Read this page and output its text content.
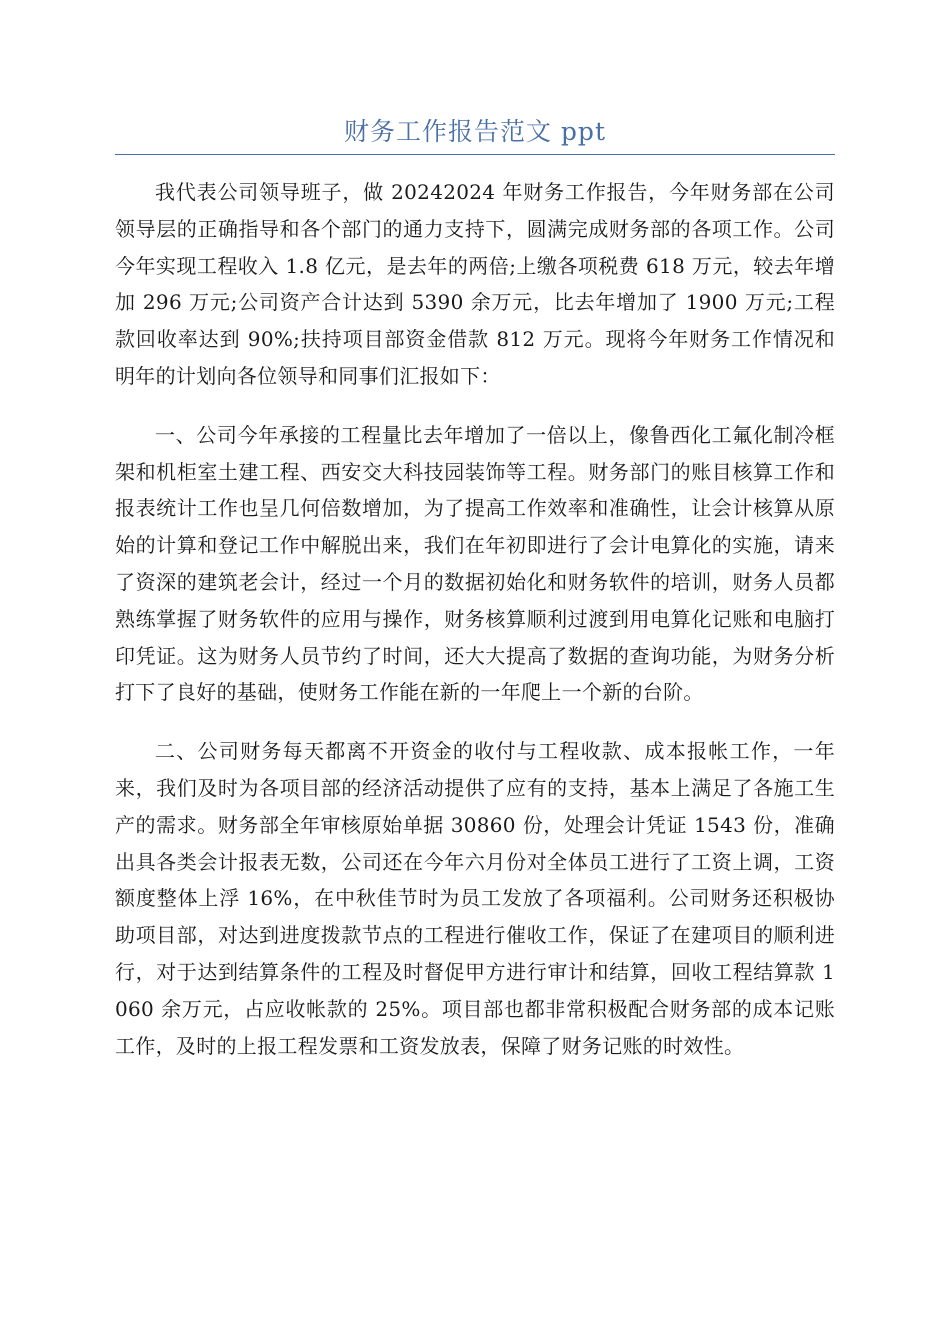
财务工作报告范文 ppt

我代表公司领导班子，做 20242024 年财务工作报告，今年财务部在公司领导层的正确指导和各个部门的通力支持下，圆满完成财务部的各项工作。公司今年实现工程收入 1.8 亿元，是去年的两倍;上缴各项税费 618 万元，较去年增加 296 万元;公司资产合计达到 5390 余万元，比去年增加了 1900 万元;工程款回收率达到 90%;扶持项目部资金借款 812 万元。现将今年财务工作情况和明年的计划向各位领导和同事们汇报如下：

一、公司今年承接的工程量比去年增加了一倍以上，像鲁西化工氟化制冷框架和机柜室土建工程、西安交大科技园装饰等工程。财务部门的账目核算工作和报表统计工作也呈几何倍数增加，为了提高工作效率和准确性，让会计核算从原始的计算和登记工作中解脱出来，我们在年初即进行了会计电算化的实施，请来了资深的建筑老会计，经过一个月的数据初始化和财务软件的培训，财务人员都熟练掌握了财务软件的应用与操作，财务核算顺利过渡到用电算化记账和电脑打印凭证。这为财务人员节约了时间，还大大提高了数据的查询功能，为财务分析打下了良好的基础，使财务工作能在新的一年爬上一个新的台阶。

二、公司财务每天都离不开资金的收付与工程收款、成本报帐工作，一年来，我们及时为各项目部的经济活动提供了应有的支持，基本上满足了各施工生产的需求。财务部全年审核原始单据 30860 份，处理会计凭证 1543 份，准确出具各类会计报表无数，公司还在今年六月份对全体员工进行了工资上调，工资额度整体上浮 16%，在中秋佳节时为员工发放了各项福利。公司财务还积极协助项目部，对达到进度拨款节点的工程进行催收工作，保证了在建项目的顺利进行，对于达到结算条件的工程及时督促甲方进行审计和结算，回收工程结算款 1060 余万元，占应收帐款的 25%。项目部也都非常积极配合财务部的成本记账工作，及时的上报工程发票和工资发放表，保障了财务记账的时效性。
